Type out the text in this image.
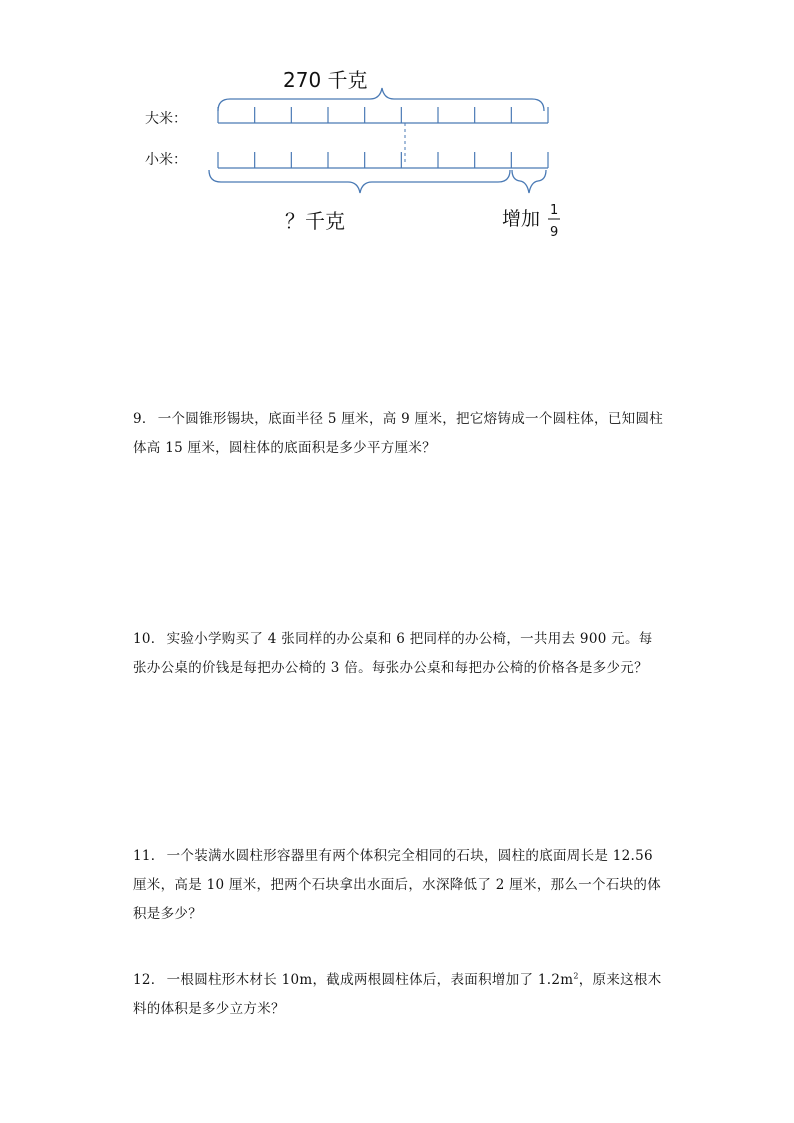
270 千克
大米：
小米：
？千克	增加 1
9

9． 一个圆锥形锡块，底面半径 5 厘米，高 9 厘米，把它熔铸成一个圆柱体，已知圆柱体高 15 厘米，圆柱体的底面积是多少平方厘米？

10． 实验小学购买了 4 张同样的办公桌和 6 把同样的办公椅，一共用去 900 元。每张办公桌的价钱是每把办公椅的 3 倍。每张办公桌和每把办公椅的价格各是多少元？

11． 一个装满水圆柱形容器里有两个体积完全相同的石块，圆柱的底面周长是 12.56 厘米，高是 10 厘米，把两个石块拿出水面后，水深降低了 2 厘米，那么一个石块的体积是多少？

12． 一根圆柱形木材长 10m，截成两根圆柱体后，表面积增加了 $1.2m^2$，原来这根木料的体积是多少立方米？
